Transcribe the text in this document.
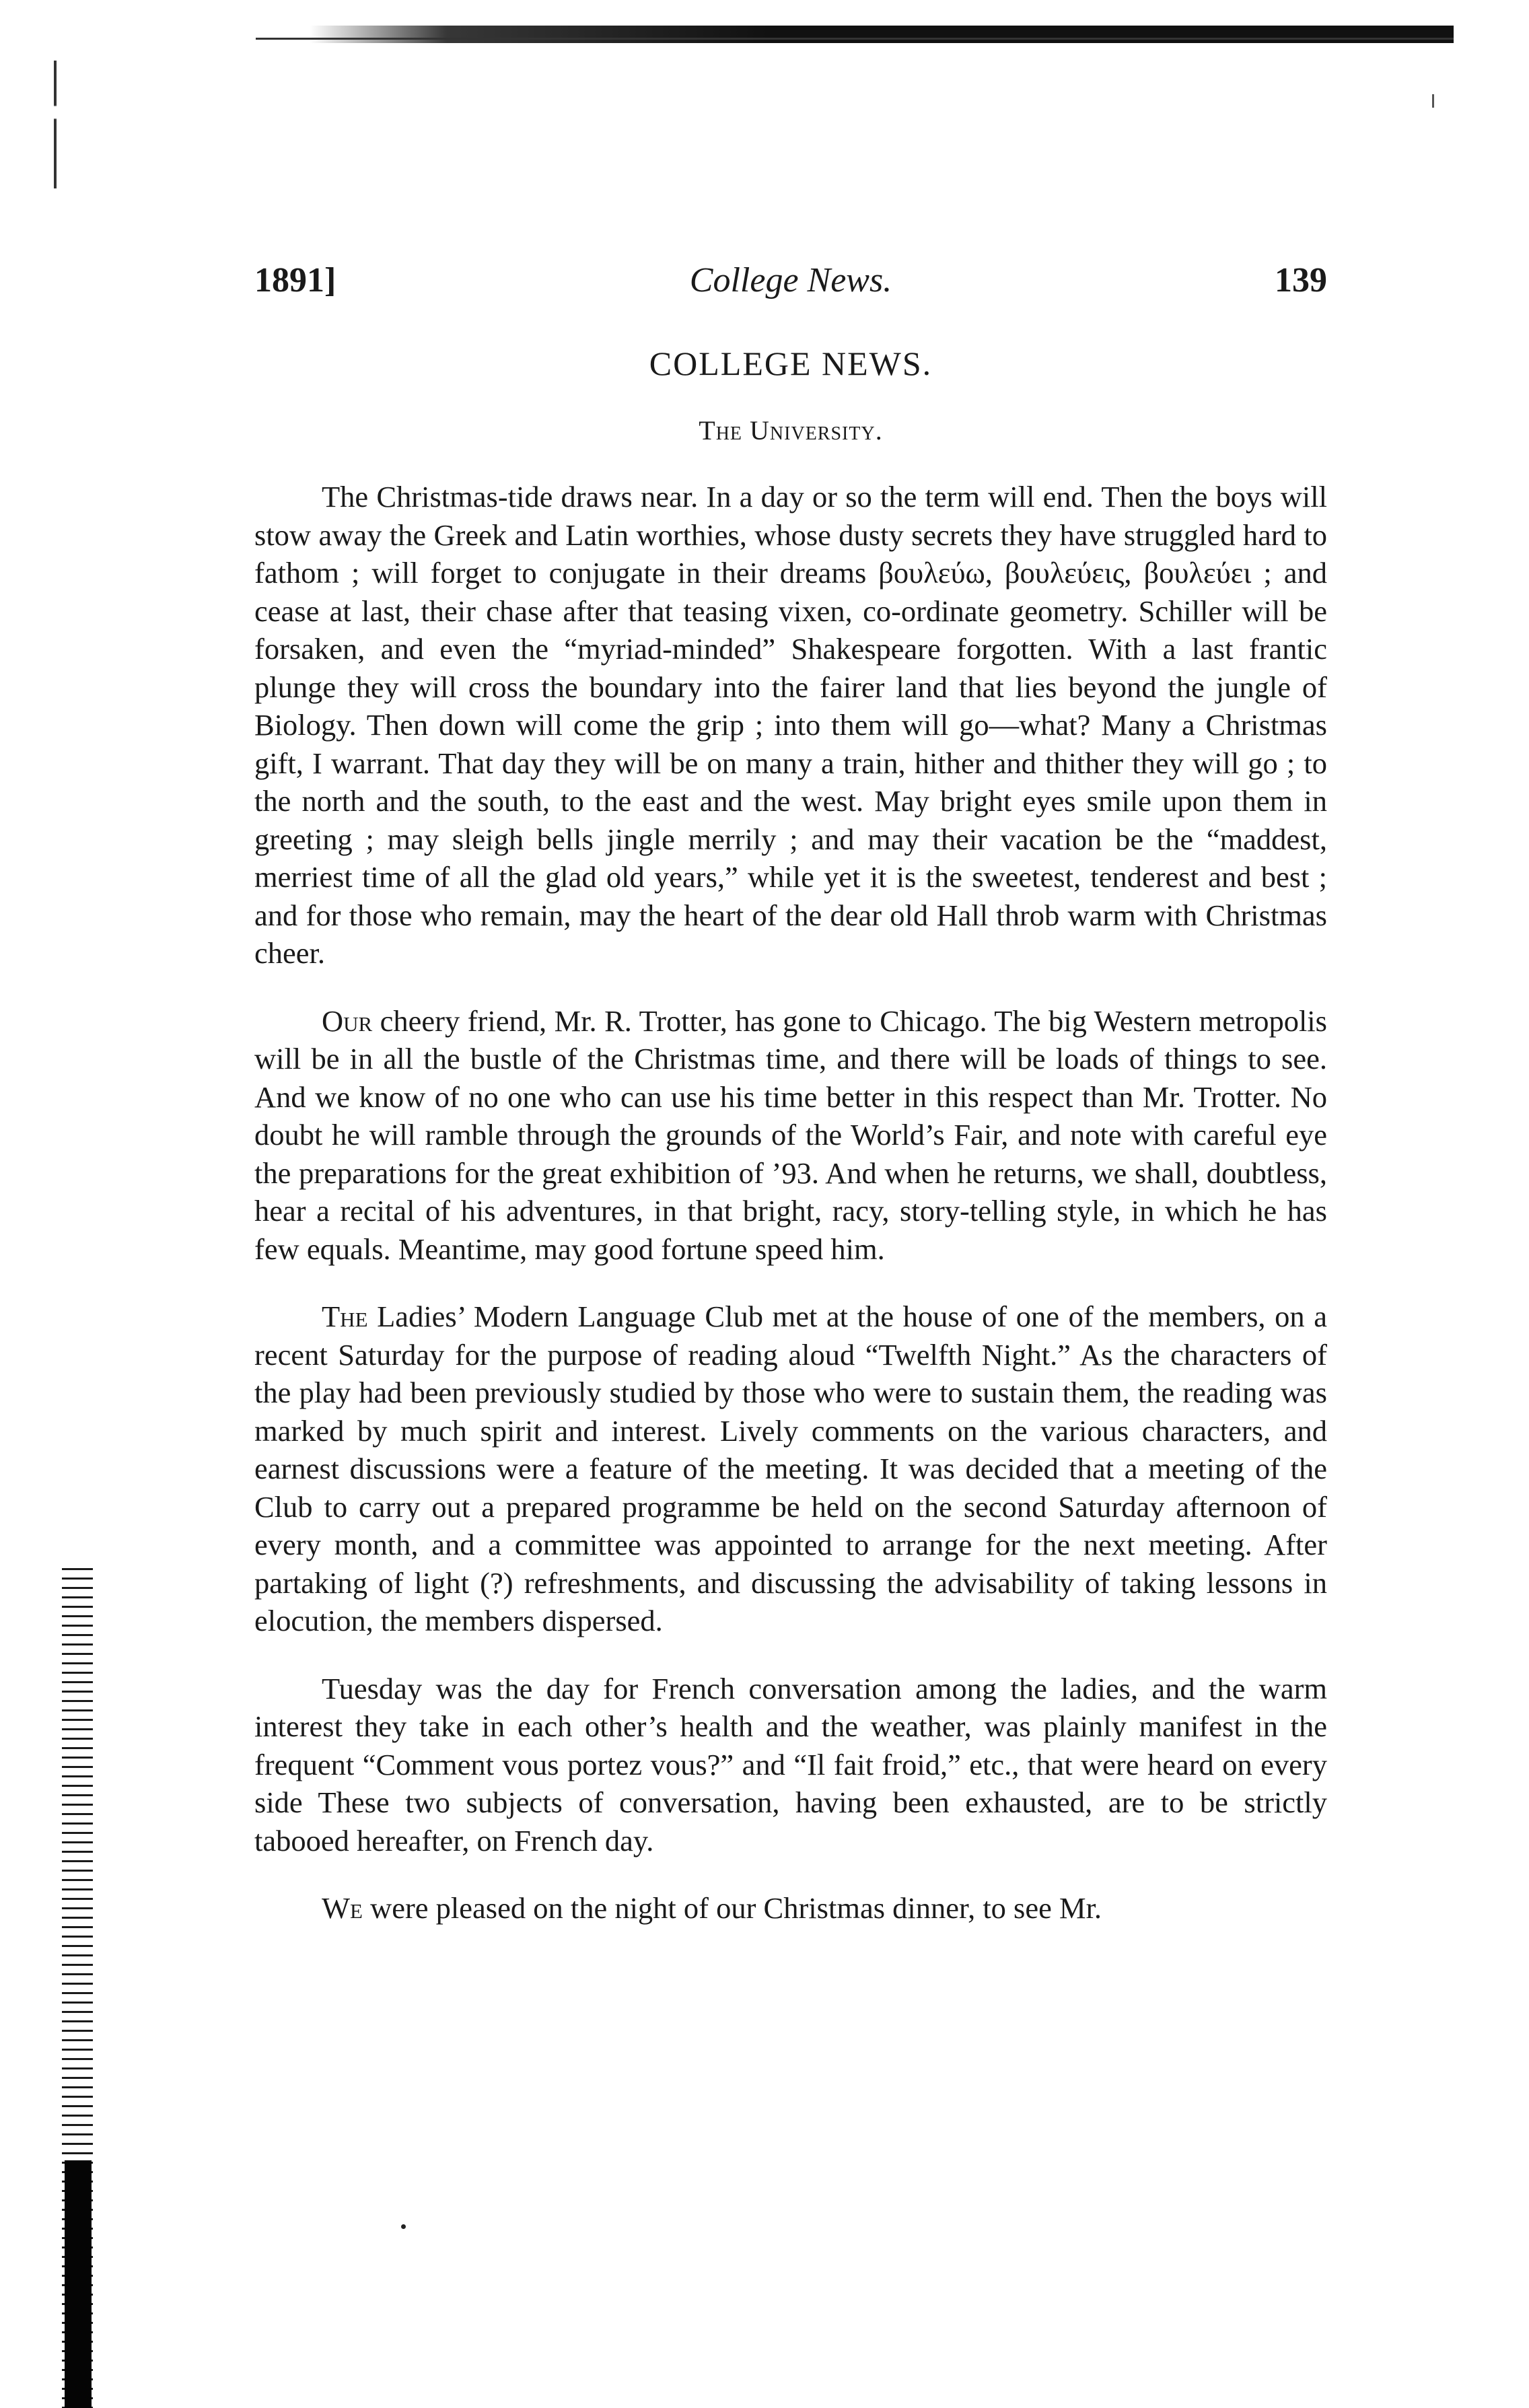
1891]	College News.	139
COLLEGE NEWS.
The University.

The Christmas-tide draws near. In a day or so the term will end. Then the boys will stow away the Greek and Latin worthies, whose dusty secrets they have struggled hard to fathom ; will forget to conjugate in their dreams βουλεύω, βουλεύεις, βουλεύει ; and cease at last, their chase after that teasing vixen, co-ordinate geometry. Schiller will be forsaken, and even the “myriad-minded” Shakespeare forgotten. With a last frantic plunge they will cross the boundary into the fairer land that lies beyond the jungle of Biology. Then down will come the grip ; into them will go—what? Many a Christmas gift, I warrant. That day they will be on many a train, hither and thither they will go ; to the north and the south, to the east and the west. May bright eyes smile upon them in greeting ; may sleigh bells jingle merrily ; and may their vacation be the “maddest, merriest time of all the glad old years,” while yet it is the sweetest, tenderest and best ; and for those who remain, may the heart of the dear old Hall throb warm with Christmas cheer.

Our cheery friend, Mr. R. Trotter, has gone to Chicago. The big Western metropolis will be in all the bustle of the Christmas time, and there will be loads of things to see. And we know of no one who can use his time better in this respect than Mr. Trotter. No doubt he will ramble through the grounds of the World’s Fair, and note with careful eye the preparations for the great exhibition of ’93. And when he returns, we shall, doubtless, hear a recital of his adventures, in that bright, racy, story-telling style, in which he has few equals. Meantime, may good fortune speed him.

The Ladies’ Modern Language Club met at the house of one of the members, on a recent Saturday for the purpose of reading aloud “Twelfth Night.” As the characters of the play had been previously studied by those who were to sustain them, the reading was marked by much spirit and interest. Lively comments on the various characters, and earnest discussions were a feature of the meeting. It was decided that a meeting of the Club to carry out a prepared programme be held on the second Saturday afternoon of every month, and a committee was appointed to arrange for the next meeting. After partaking of light (?) refreshments, and discussing the advisability of taking lessons in elocution, the members dispersed.

Tuesday was the day for French conversation among the ladies, and the warm interest they take in each other’s health and the weather, was plainly manifest in the frequent “Comment vous portez vous?” and “Il fait froid,” etc., that were heard on every side These two subjects of conversation, having been exhausted, are to be strictly tabooed hereafter, on French day.

We were pleased on the night of our Christmas dinner, to see Mr.
